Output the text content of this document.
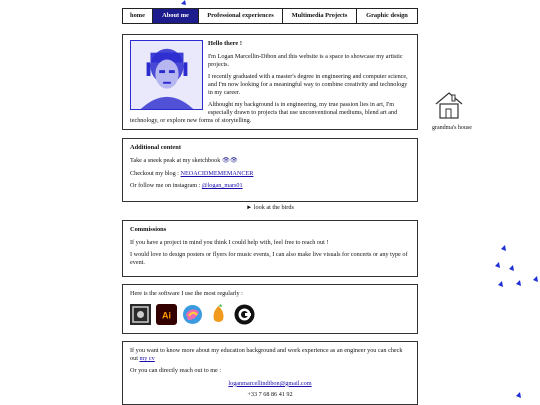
home	About me	Professional experiences	Multimedia Projects	Graphic design
Hello there !

I'm Logan Marcellin-Dibon and this website is a space to showcase my artistic projects.

I recently graduated with a master's degree in engineering and computer science, and I'm now looking for a meaningful way to combine creativity and technology in my career.

Althought my background is in engineering, my true passion lies in art, I'm especially drawn to projects that use unconventional mediums, blend art and technology, or explore new forms of storytelling.

Additional content

Take a sneek peak at my sketchbook 👁👁

Checkout my blog : NEOACIDMEMEMANCER

Or follow me on instagram : @logan_mars01

► look at the birds
Commissions

If you have a project in mind you think I could help with, feel free to reach out !

I would love to design posters or flyers for music events, I can also make live visuals for concerts or any type of event.

Here is the software I use the most regularly :

Ai

If you want to know more about my education background and work experience as an engineer you can check out my cv

Or you can directly reach out to me :

loganmarcellindibon@gmail.com

+33 7 68 86 41 92

grandma's house
